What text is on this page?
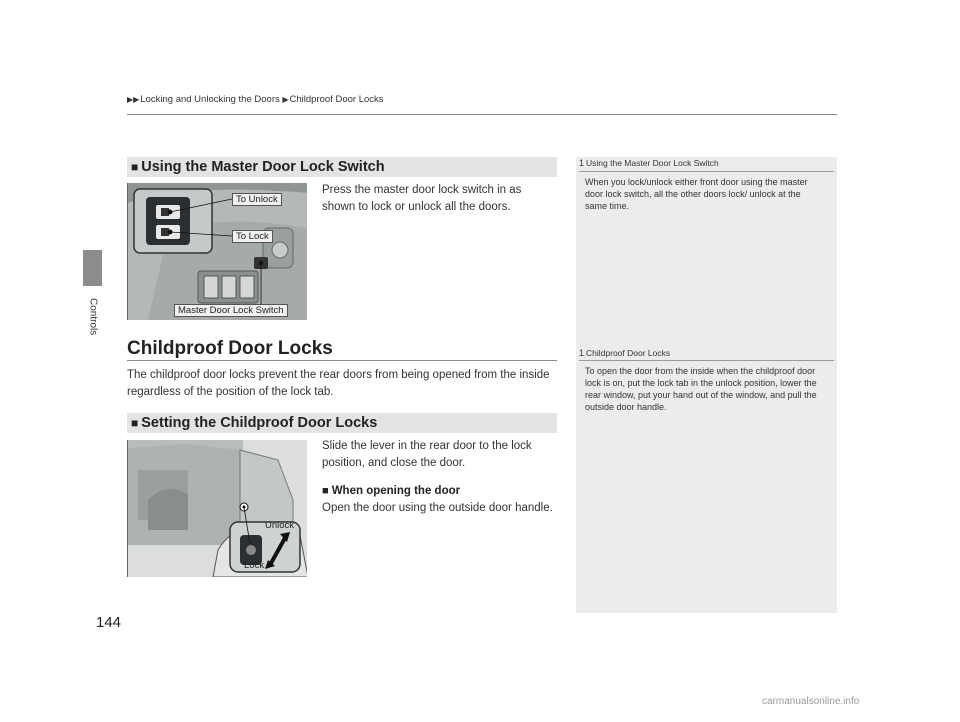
▶▶Locking and Unlocking the Doors ▶Childproof Door Locks
Controls
■ Using the Master Door Lock Switch
To Unlock
To Lock
Master Door Lock Switch
Press the master door lock switch in as shown to lock or unlock all the doors.
Childproof Door Locks
The childproof door locks prevent the rear doors from being opened from the inside regardless of the position of the lock tab.
■ Setting the Childproof Door Locks
Unlock
Lock
Slide the lever in the rear door to the lock position, and close the door.
■ When opening the door
Open the door using the outside door handle.
1 Using the Master Door Lock Switch
When you lock/unlock either front door using the master door lock switch, all the other doors lock/ unlock at the same time.
1 Childproof Door Locks
To open the door from the inside when the childproof door lock is on, put the lock tab in the unlock position, lower the rear window, put your hand out of the window, and pull the outside door handle.
144
carmanualsonline.info
